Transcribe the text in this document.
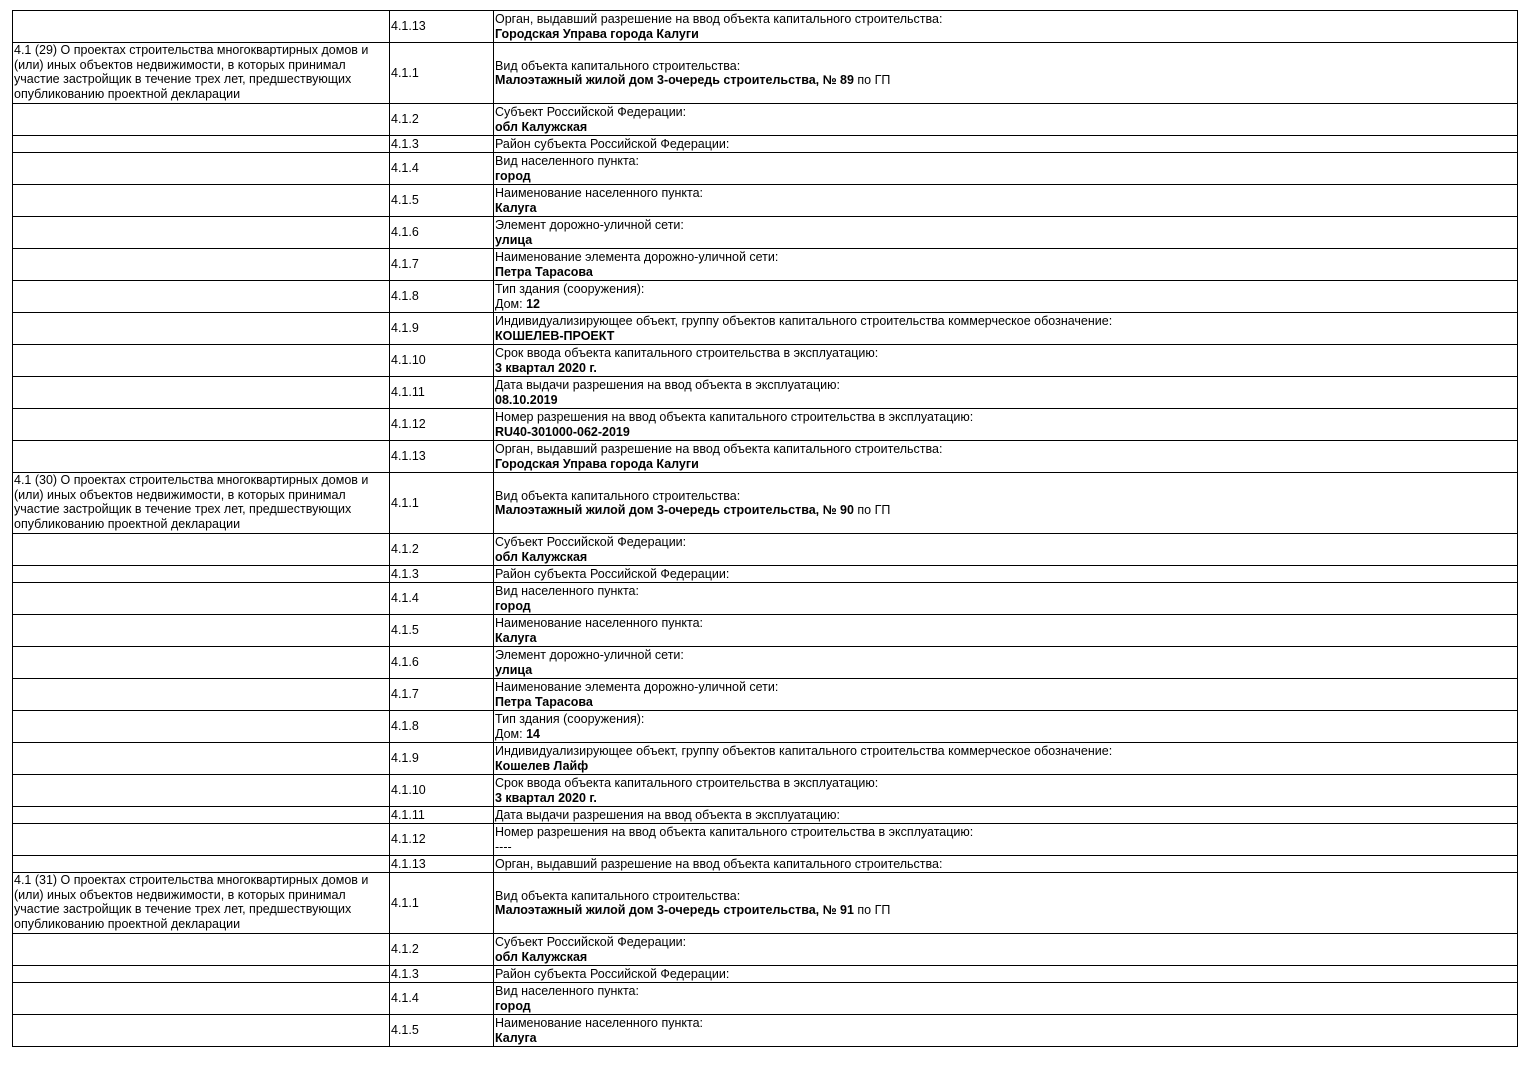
	4.1.13	Орган, выдавший разрешение на ввод объекта капитального строительства:
Городская Управа города Калуги

4.1 (29) О проектах строительства многоквартирных домов и (или) иных объектов недвижимости, в которых принимал участие застройщик в течение трех лет, предшествующих опубликованию проектной декларации	4.1.1	Вид объекта капитального строительства:
Малоэтажный жилой дом 3-очередь строительства, № 89 по ГП

	4.1.2	Субъект Российской Федерации:
обл Калужская

	4.1.3	Район субъекта Российской Федерации:

	4.1.4	Вид населенного пункта:
город

	4.1.5	Наименование населенного пункта:
Калуга

	4.1.6	Элемент дорожно-уличной сети:
улица

	4.1.7	Наименование элемента дорожно-уличной сети:
Петра Тарасова

	4.1.8	Тип здания (сооружения):
Дом: 12

	4.1.9	Индивидуализирующее объект, группу объектов капитального строительства коммерческое обозначение:
КОШЕЛЕВ-ПРОЕКТ

	4.1.10	Срок ввода объекта капитального строительства в эксплуатацию:
3 квартал 2020 г.

	4.1.11	Дата выдачи разрешения на ввод объекта в эксплуатацию:
08.10.2019

	4.1.12	Номер разрешения на ввод объекта капитального строительства в эксплуатацию:
RU40-301000-062-2019

	4.1.13	Орган, выдавший разрешение на ввод объекта капитального строительства:
Городская Управа города Калуги

4.1 (30) О проектах строительства многоквартирных домов и (или) иных объектов недвижимости, в которых принимал участие застройщик в течение трех лет, предшествующих опубликованию проектной декларации	4.1.1	Вид объекта капитального строительства:
Малоэтажный жилой дом 3-очередь строительства, № 90 по ГП

	4.1.2	Субъект Российской Федерации:
обл Калужская

	4.1.3	Район субъекта Российской Федерации:

	4.1.4	Вид населенного пункта:
город

	4.1.5	Наименование населенного пункта:
Калуга

	4.1.6	Элемент дорожно-уличной сети:
улица

	4.1.7	Наименование элемента дорожно-уличной сети:
Петра Тарасова

	4.1.8	Тип здания (сооружения):
Дом: 14

	4.1.9	Индивидуализирующее объект, группу объектов капитального строительства коммерческое обозначение:
Кошелев Лайф

	4.1.10	Срок ввода объекта капитального строительства в эксплуатацию:
3 квартал 2020 г.

	4.1.11	Дата выдачи разрешения на ввод объекта в эксплуатацию:

	4.1.12	Номер разрешения на ввод объекта капитального строительства в эксплуатацию:
----

	4.1.13	Орган, выдавший разрешение на ввод объекта капитального строительства:

4.1 (31) О проектах строительства многоквартирных домов и (или) иных объектов недвижимости, в которых принимал участие застройщик в течение трех лет, предшествующих опубликованию проектной декларации	4.1.1	Вид объекта капитального строительства:
Малоэтажный жилой дом 3-очередь строительства, № 91 по ГП

	4.1.2	Субъект Российской Федерации:
обл Калужская

	4.1.3	Район субъекта Российской Федерации:

	4.1.4	Вид населенного пункта:
город

	4.1.5	Наименование населенного пункта:
Калуга
